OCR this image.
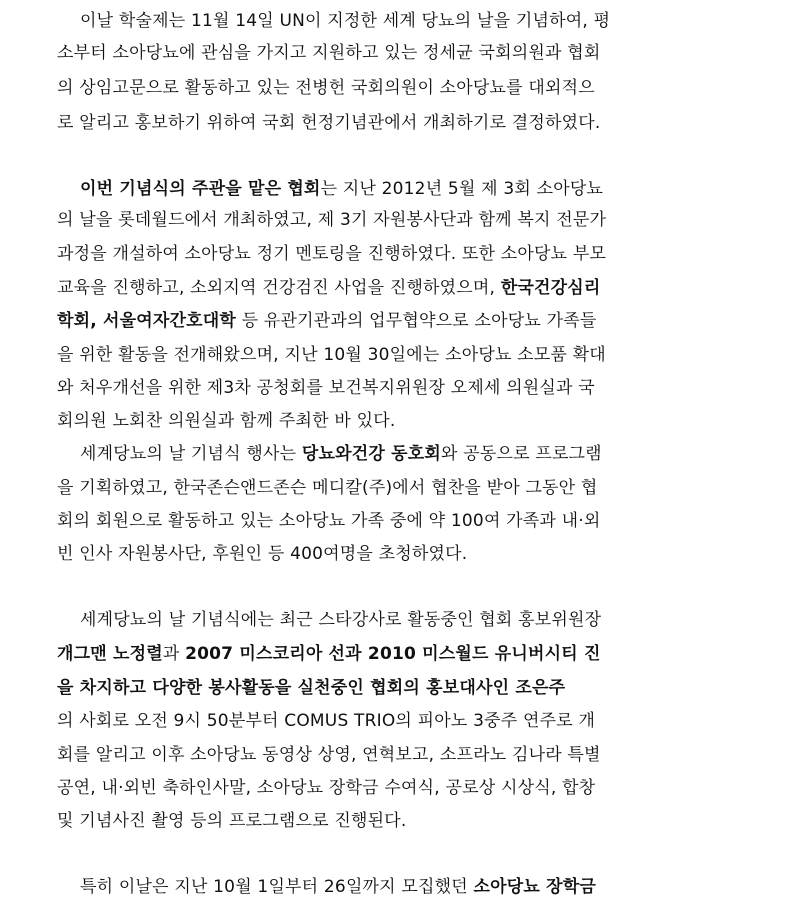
이날 학술제는 11월 14일 UN이 지정한 세계 당뇨의 날을 기념하여, 평
소부터 소아당뇨에 관심을 가지고 지원하고 있는 정세균 국회의원과 협회
의 상임고문으로 활동하고 있는 전병헌 국회의원이 소아당뇨를 대외적으
로 알리고 홍보하기 위하여 국회 헌정기념관에서 개최하기로 결정하였다.
이번 기념식의 주관을 맡은 협회는 지난 2012년 5월 제 3회 소아당뇨
의 날을 롯데월드에서 개최하였고, 제 3기 자원봉사단과 함께 복지 전문가
과정을 개설하여 소아당뇨 정기 멘토링을 진행하였다. 또한 소아당뇨 부모
교육을 진행하고, 소외지역 건강검진 사업을 진행하였으며, 한국건강심리
학회, 서울여자간호대학 등 유관기관과의 업무협약으로 소아당뇨 가족들
을 위한 활동을 전개해왔으며, 지난 10월 30일에는 소아당뇨 소모품 확대
와 처우개선을 위한 제3차 공청회를 보건복지위원장 오제세 의원실과 국
회의원 노회찬 의원실과 함께 주최한 바 있다.
세계당뇨의 날 기념식 행사는 당뇨와건강 동호회와 공동으로 프로그램
을 기획하였고, 한국존슨앤드존슨 메디칼(주)에서 협찬을 받아 그동안 협
회의 회원으로 활동하고 있는 소아당뇨 가족 중에 약 100여 가족과 내·외
빈 인사 자원봉사단, 후원인 등 400여명을 초청하였다.
세계당뇨의 날 기념식에는 최근 스타강사로 활동중인 협회 홍보위원장
개그맨 노정렬과 2007 미스코리아 선과 2010 미스월드 유니버시티 진
을 차지하고 다양한 봉사활동을 실천중인 협회의 홍보대사인 조은주
의 사회로 오전 9시 50분부터 COMUS TRIO의 피아노 3중주 연주로 개
회를 알리고 이후 소아당뇨 동영상 상영, 연혁보고, 소프라노 김나라 특별
공연, 내·외빈 축하인사말, 소아당뇨 장학금 수여식, 공로상 시상식, 합창
및 기념사진 촬영 등의 프로그램으로 진행된다.
특히 이날은 지난 10월 1일부터 26일까지 모집했던 소아당뇨 장학금
